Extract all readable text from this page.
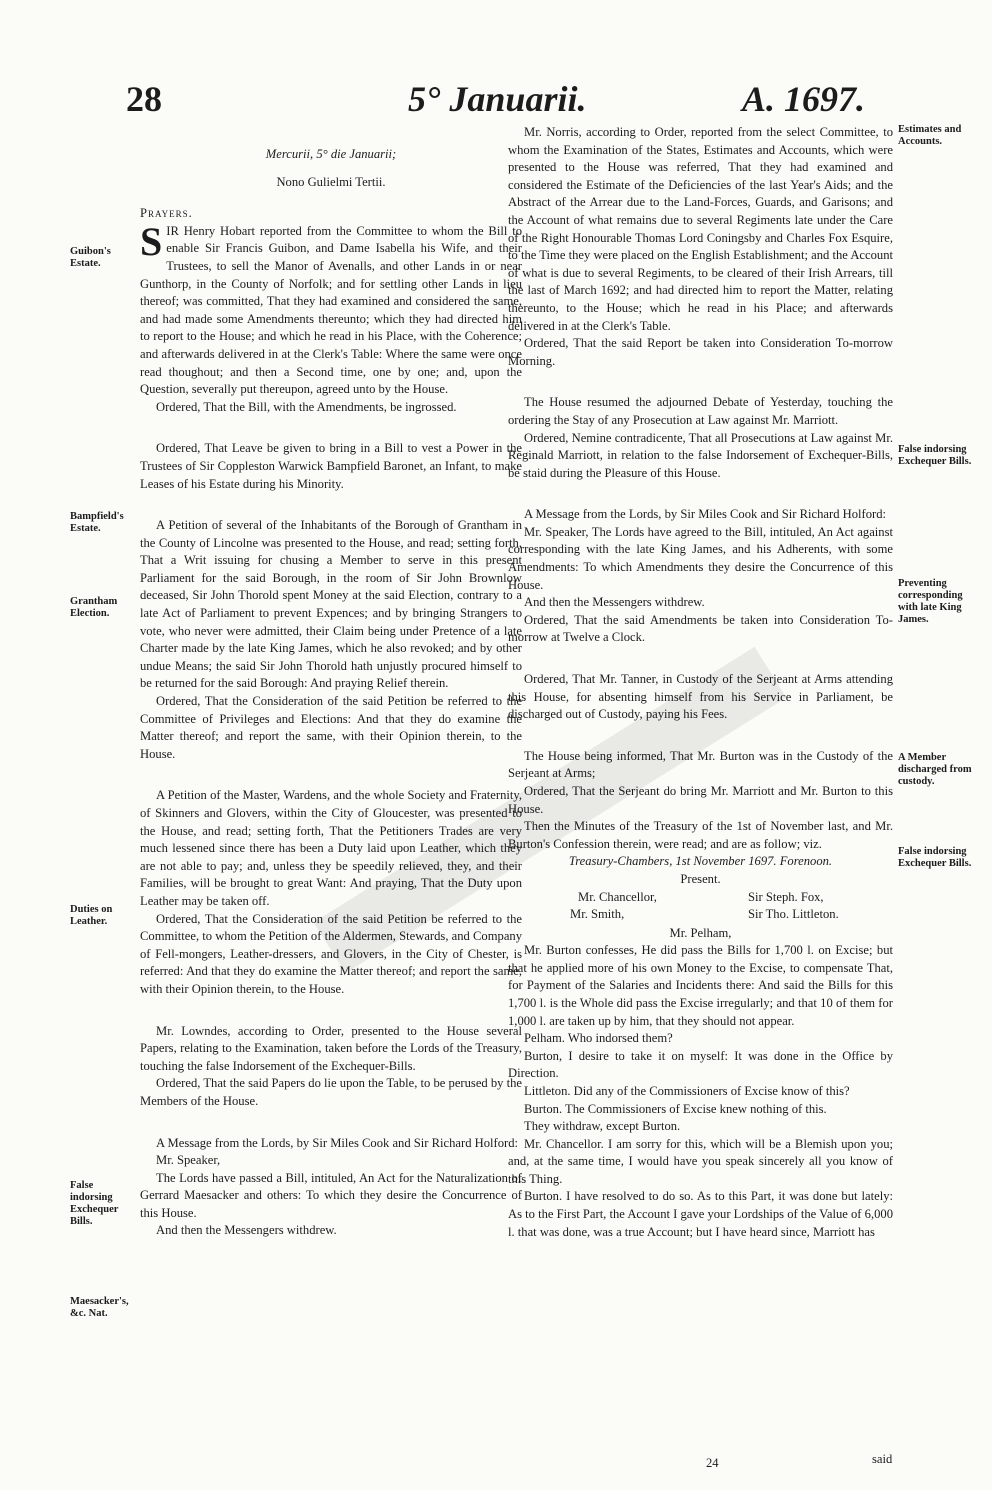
28	5° Januarii.	A. 1697.

Mercurii, 5° die Januarii;

Nono Gulielmi Tertii.

Prayers.

SIR Henry Hobart reported from the Committee to whom the Bill to enable Sir Francis Guibon, and Dame Isabella his Wife, and their Trustees, to sell the Manor of Avenalls, and other Lands in or near Gunthorp, in the County of Norfolk; and for settling other Lands in lieu thereof; was committed, That they had examined and considered the same, and had made some Amendments thereunto; which they had directed him to report to the House; and which he read in his Place, with the Coherence; and afterwards delivered in at the Clerk's Table: Where the same were once read thoughout; and then a Second time, one by one; and, upon the Question, severally put thereupon, agreed unto by the House.

Ordered, That the Bill, with the Amendments, be ingrossed.

Ordered, That Leave be given to bring in a Bill to vest a Power in the Trustees of Sir Coppleston Warwick Bampfield Baronet, an Infant, to make Leases of his Estate during his Minority.

A Petition of several of the Inhabitants of the Borough of Grantham in the County of Lincolne was presented to the House, and read; setting forth, That a Writ issuing for chusing a Member to serve in this present Parliament for the said Borough, in the room of Sir John Brownlow deceased, Sir John Thorold spent Money at the said Election, contrary to a late Act of Parliament to prevent Expences; and by bringing Strangers to vote, who never were admitted, their Claim being under Pretence of a late Charter made by the late King James, which he also revoked; and by other undue Means; the said Sir John Thorold hath unjustly procured himself to be returned for the said Borough: And praying Relief therein.

Ordered, That the Consideration of the said Petition be referred to the Committee of Privileges and Elections: And that they do examine the Matter thereof; and report the same, with their Opinion therein, to the House.

A Petition of the Master, Wardens, and the whole Society and Fraternity, of Skinners and Glovers, within the City of Gloucester, was presented to the House, and read; setting forth, That the Petitioners Trades are very much lessened since there has been a Duty laid upon Leather, which they are not able to pay; and, unless they be speedily relieved, they, and their Families, will be brought to great Want: And praying, That the Duty upon Leather may be taken off.

Ordered, That the Consideration of the said Petition be referred to the Committee, to whom the Petition of the Aldermen, Stewards, and Company of Fell-mongers, Leather-dressers, and Glovers, in the City of Chester, is referred: And that they do examine the Matter thereof; and report the same, with their Opinion therein, to the House.

Mr. Lowndes, according to Order, presented to the House several Papers, relating to the Examination, taken before the Lords of the Treasury, touching the false Indorsement of the Exchequer-Bills.

Ordered, That the said Papers do lie upon the Table, to be perused by the Members of the House.

A Message from the Lords, by Sir Miles Cook and Sir Richard Holford:

Mr. Speaker,

The Lords have passed a Bill, intituled, An Act for the Naturalization of Gerrard Maesacker and others: To which they desire the Concurrence of this House.

And then the Messengers withdrew.

Mr. Norris, according to Order, reported from the select Committee, to whom the Examination of the States, Estimates and Accounts, which were presented to the House was referred, That they had examined and considered the Estimate of the Deficiencies of the last Year's Aids; and the Abstract of the Arrear due to the Land-Forces, Guards, and Garisons; and the Account of what remains due to several Regiments late under the Care of the Right Honourable Thomas Lord Coningsby and Charles Fox Esquire, to the Time they were placed on the English Establishment; and the Account of what is due to several Regiments, to be cleared of their Irish Arrears, till the last of March 1692; and had directed him to report the Matter, relating thereunto, to the House; which he read in his Place; and afterwards delivered in at the Clerk's Table.

Ordered, That the said Report be taken into Consideration To-morrow Morning.

The House resumed the adjourned Debate of Yesterday, touching the ordering the Stay of any Prosecution at Law against Mr. Marriott.

Ordered, Nemine contradicente, That all Prosecutions at Law against Mr. Reginald Marriott, in relation to the false Indorsement of Exchequer-Bills, be staid during the Pleasure of this House.

A Message from the Lords, by Sir Miles Cook and Sir Richard Holford:

Mr. Speaker, The Lords have agreed to the Bill, intituled, An Act against corresponding with the late King James, and his Adherents, with some Amendments: To which Amendments they desire the Concurrence of this House.

And then the Messengers withdrew.

Ordered, That the said Amendments be taken into Consideration To-morrow at Twelve a Clock.

Ordered, That Mr. Tanner, in Custody of the Serjeant at Arms attending this House, for absenting himself from his Service in Parliament, be discharged out of Custody, paying his Fees.

The House being informed, That Mr. Burton was in the Custody of the Serjeant at Arms;

Ordered, That the Serjeant do bring Mr. Marriott and Mr. Burton to this House.

Then the Minutes of the Treasury of the 1st of November last, and Mr. Burton's Confession therein, were read; and are as follow; viz.

Treasury-Chambers, 1st November 1697. Forenoon.

Present.

Mr. Chancellor,	Sir Steph. Fox,
Mr. Smith,	Sir Tho. Littleton.

Mr. Pelham,

Mr. Burton confesses, He did pass the Bills for 1,700 l. on Excise; but that he applied more of his own Money to the Excise, to compensate That, for Payment of the Salaries and Incidents there: And said the Bills for this 1,700 l. is the Whole did pass the Excise irregularly; and that 10 of them for 1,000 l. are taken up by him, that they should not appear.

Pelham. Who indorsed them?

Burton, I desire to take it on myself: It was done in the Office by Direction.

Littleton. Did any of the Commissioners of Excise know of this?

Burton. The Commissioners of Excise knew nothing of this.

They withdraw, except Burton.

Mr. Chancellor. I am sorry for this, which will be a Blemish upon you; and, at the same time, I would have you speak sincerely all you know of this Thing.

Burton. I have resolved to do so. As to this Part, it was done but lately: As to the First Part, the Account I gave your Lordships of the Value of 6,000 l. that was done, was a true Account; but I have heard since, Marriott has

Guibon's Estate.
Bampfield's Estate.
Grantham Election.
Duties on Leather.
False indorsing Exchequer Bills.
Maesacker's, &c. Nat.
Estimates and Accounts.
False indorsing Exchequer Bills.
Preventing corresponding with late King James.
A Member discharged from custody.
False indorsing Exchequer Bills.
24	said
